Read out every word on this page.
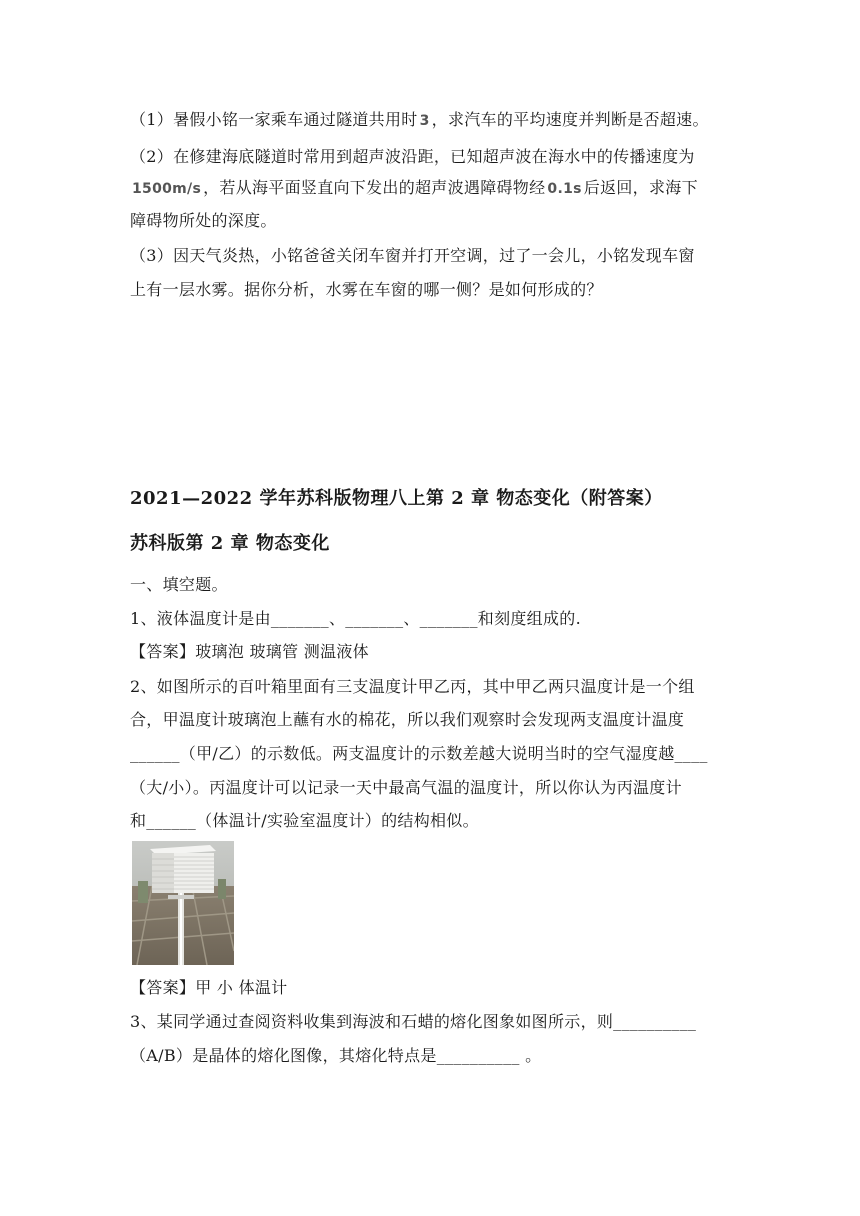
（1）暑假小铭一家乘车通过隧道共用时 3 ，求汽车的平均速度并判断是否超速。
（2）在修建海底隧道时常用到超声波沿距，已知超声波在海水中的传播速度为
1500m/s ，若从海平面竖直向下发出的超声波遇障碍物经 0.1s 后返回，求海下
障碍物所处的深度。
（3）因天气炎热，小铭爸爸关闭车窗并打开空调，过了一会儿，小铭发现车窗
上有一层水雾。据你分析，水雾在车窗的哪一侧？是如何形成的？
2021—2022 学年苏科版物理八上第 2 章 物态变化（附答案）
苏科版第 2 章 物态变化
一、填空题。
1、液体温度计是由_______、_______、_______和刻度组成的.
【答案】玻璃泡 玻璃管 测温液体
2、如图所示的百叶箱里面有三支温度计甲乙丙，其中甲乙两只温度计是一个组
合，甲温度计玻璃泡上蘸有水的棉花，所以我们观察时会发现两支温度计温度
______（甲/乙）的示数低。两支温度计的示数差越大说明当时的空气湿度越____
（大/小）。丙温度计可以记录一天中最高气温的温度计，所以你认为丙温度计
和______（体温计/实验室温度计）的结构相似。
【答案】甲 小 体温计
3、某同学通过查阅资料收集到海波和石蜡的熔化图象如图所示，则__________
（A/B）是晶体的熔化图像，其熔化特点是__________ 。
